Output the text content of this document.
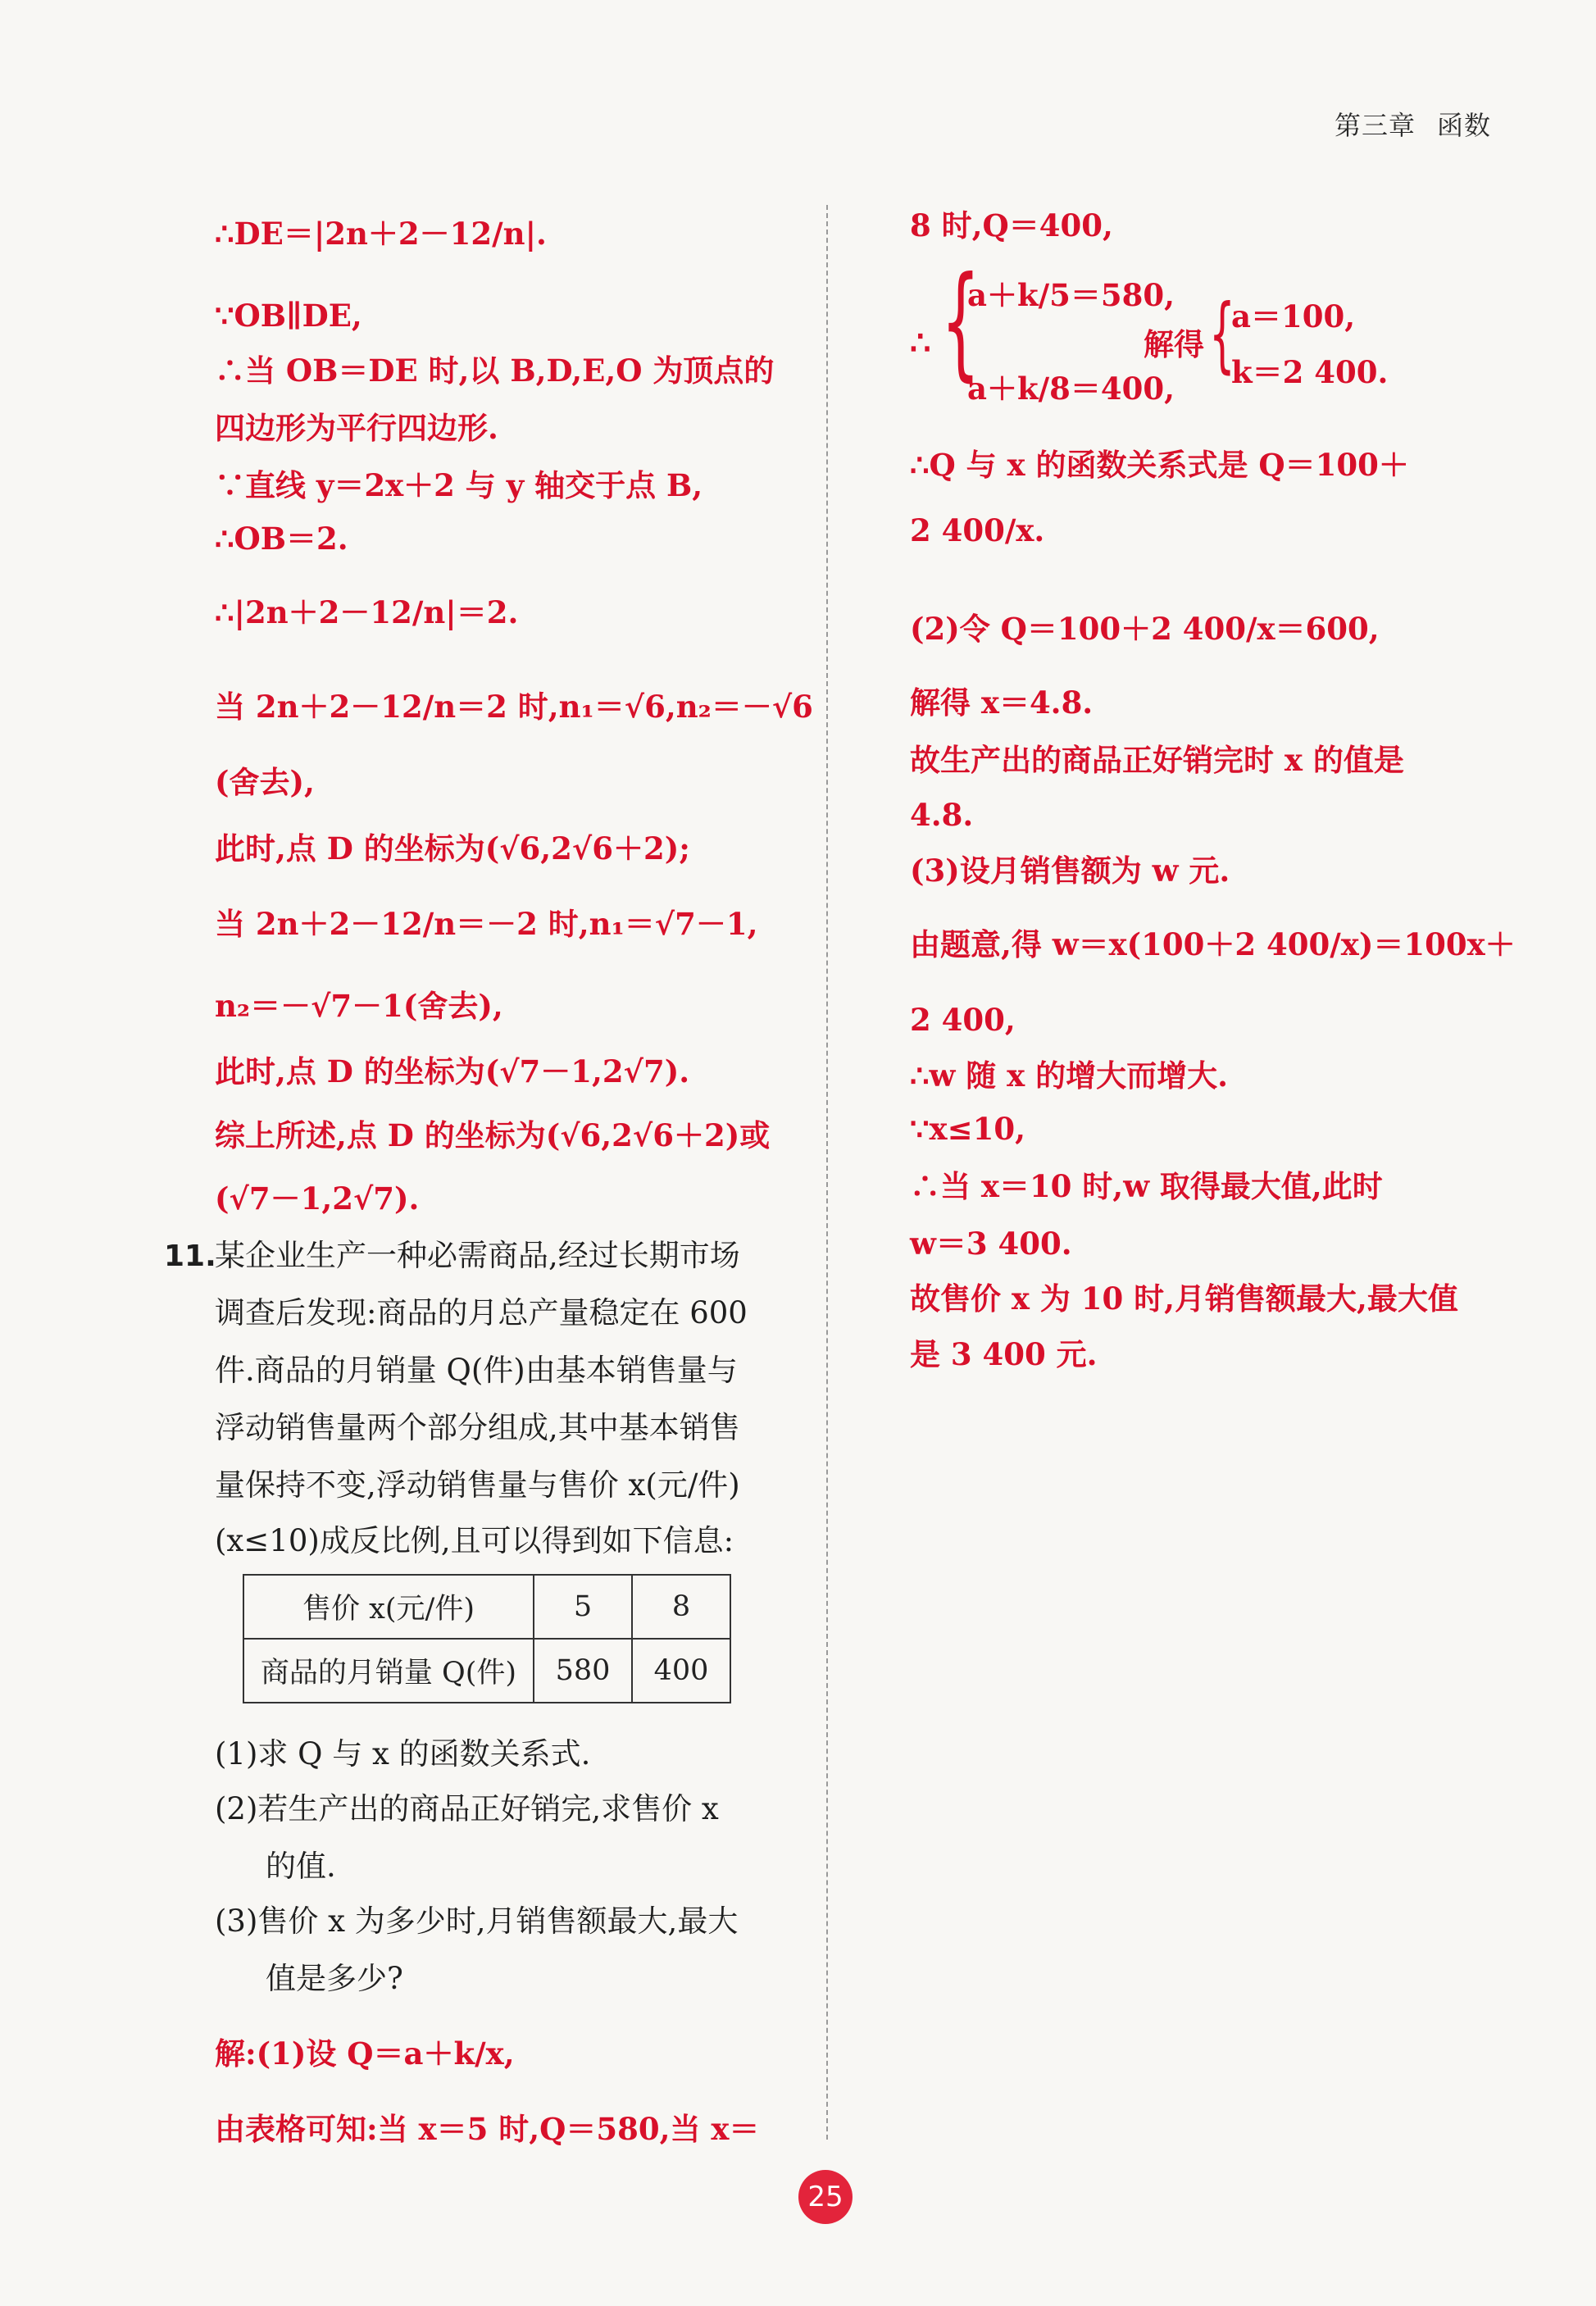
第三章 函数
∴DE＝|2n＋2－12/n|.
∵OB∥DE,
∴当 OB＝DE 时,以 B,D,E,O 为顶点的
四边形为平行四边形.
∵直线 y＝2x＋2 与 y 轴交于点 B,
∴OB＝2.
∴|2n＋2－12/n|＝2.
当 2n＋2－12/n＝2 时,n₁＝√6,n₂＝－√6
(舍去),
此时,点 D 的坐标为(√6,2√6＋2);
当 2n＋2－12/n＝－2 时,n₁＝√7－1,
n₂＝－√7－1(舍去),
此时,点 D 的坐标为(√7－1,2√7).
综上所述,点 D 的坐标为(√6,2√6＋2)或
(√7－1,2√7).
11.
某企业生产一种必需商品,经过长期市场
调查后发现:商品的月总产量稳定在 600
件.商品的月销量 Q(件)由基本销售量与
浮动销售量两个部分组成,其中基本销售
量保持不变,浮动销售量与售价 x(元/件)
(x≤10)成反比例,且可以得到如下信息:
售价 x(元/件)	5	8
商品的月销量 Q(件)	580	400
(1)求 Q 与 x 的函数关系式.
(2)若生产出的商品正好销完,求售价 x
的值.
(3)售价 x 为多少时,月销售额最大,最大
值是多少?
解:(1)设 Q＝a＋k/x,
由表格可知:当 x＝5 时,Q＝580,当 x＝
8 时,Q＝400,
∴ {
a＋k/5＝580,
a＋k/8＝400,
解得 {
a＝100,
k＝2 400.
∴Q 与 x 的函数关系式是 Q＝100＋
2 400/x.
(2)令 Q＝100＋2 400/x＝600,
解得 x＝4.8.
故生产出的商品正好销完时 x 的值是
4.8.
(3)设月销售额为 w 元.
由题意,得 w＝x(100＋2 400/x)＝100x＋
2 400,
∴w 随 x 的增大而增大.
∵x≤10,
∴当 x＝10 时,w 取得最大值,此时
w＝3 400.
故售价 x 为 10 时,月销售额最大,最大值
是 3 400 元.
25
